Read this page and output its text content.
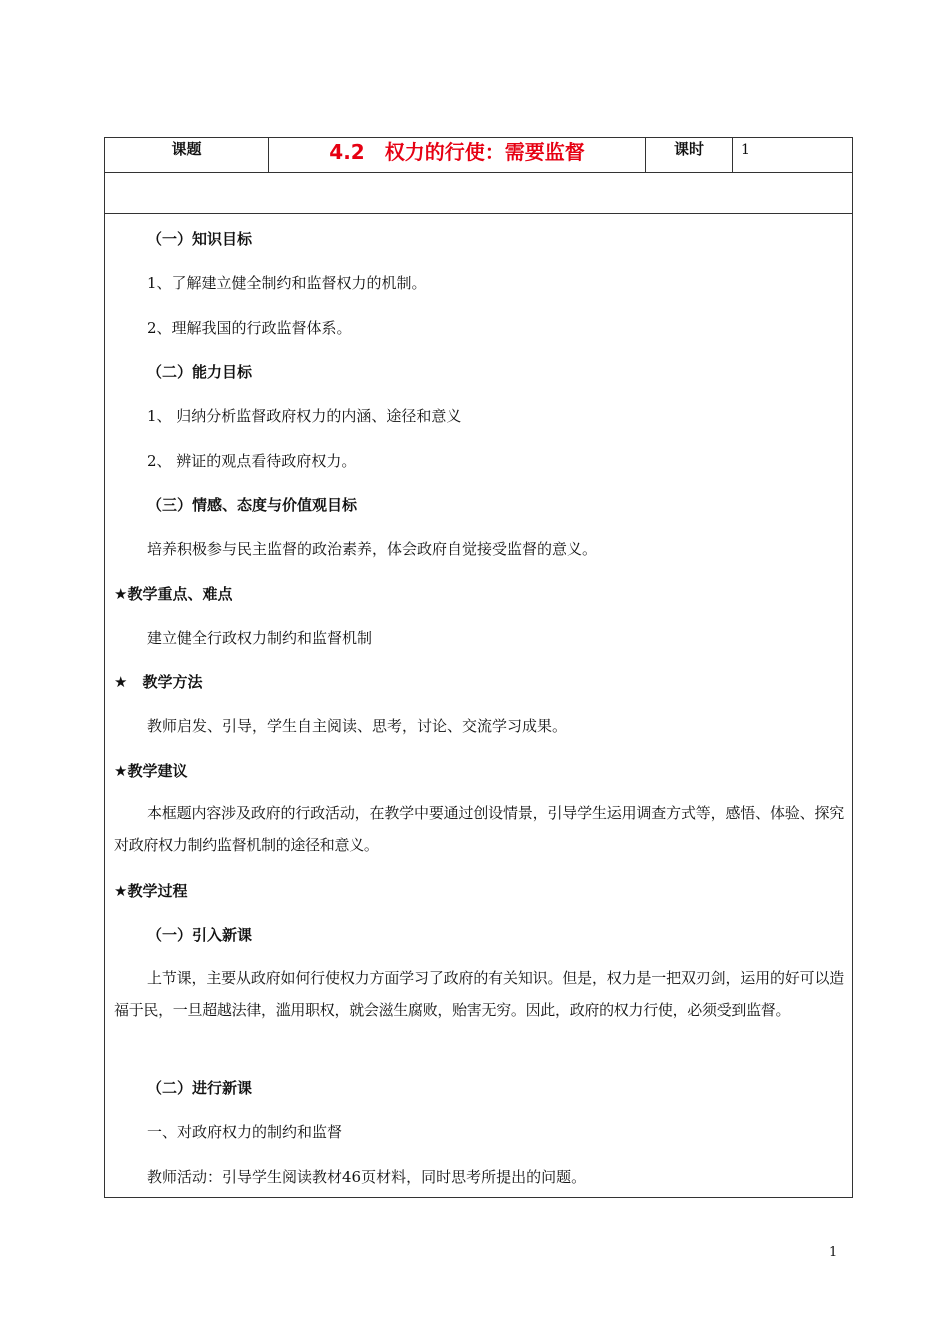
课题	4.2　权力的行使：需要监督	课时	1

（一）知识目标
1、了解建立健全制约和监督权力的机制。
2、理解我国的行政监督体系。
（二）能力目标
1、 归纳分析监督政府权力的内涵、途径和意义
2、 辨证的观点看待政府权力。
（三）情感、态度与价值观目标
培养积极参与民主监督的政治素养，体会政府自觉接受监督的意义。
★教学重点、难点
建立健全行政权力制约和监督机制
★　教学方法
教师启发、引导，学生自主阅读、思考，讨论、交流学习成果。
★教学建议
本框题内容涉及政府的行政活动，在教学中要通过创设情景，引导学生运用调查方式等，感悟、体验、探究对政府权力制约监督机制的途径和意义。
★教学过程
（一）引入新课
上节课，主要从政府如何行使权力方面学习了政府的有关知识。但是，权力是一把双刃剑，运用的好可以造福于民，一旦超越法律，滥用职权，就会滋生腐败，贻害无穷。因此，政府的权力行使，必须受到监督。
（二）进行新课
一、对政府权力的制约和监督
教师活动：引导学生阅读教材46页材料，同时思考所提出的问题。
1
